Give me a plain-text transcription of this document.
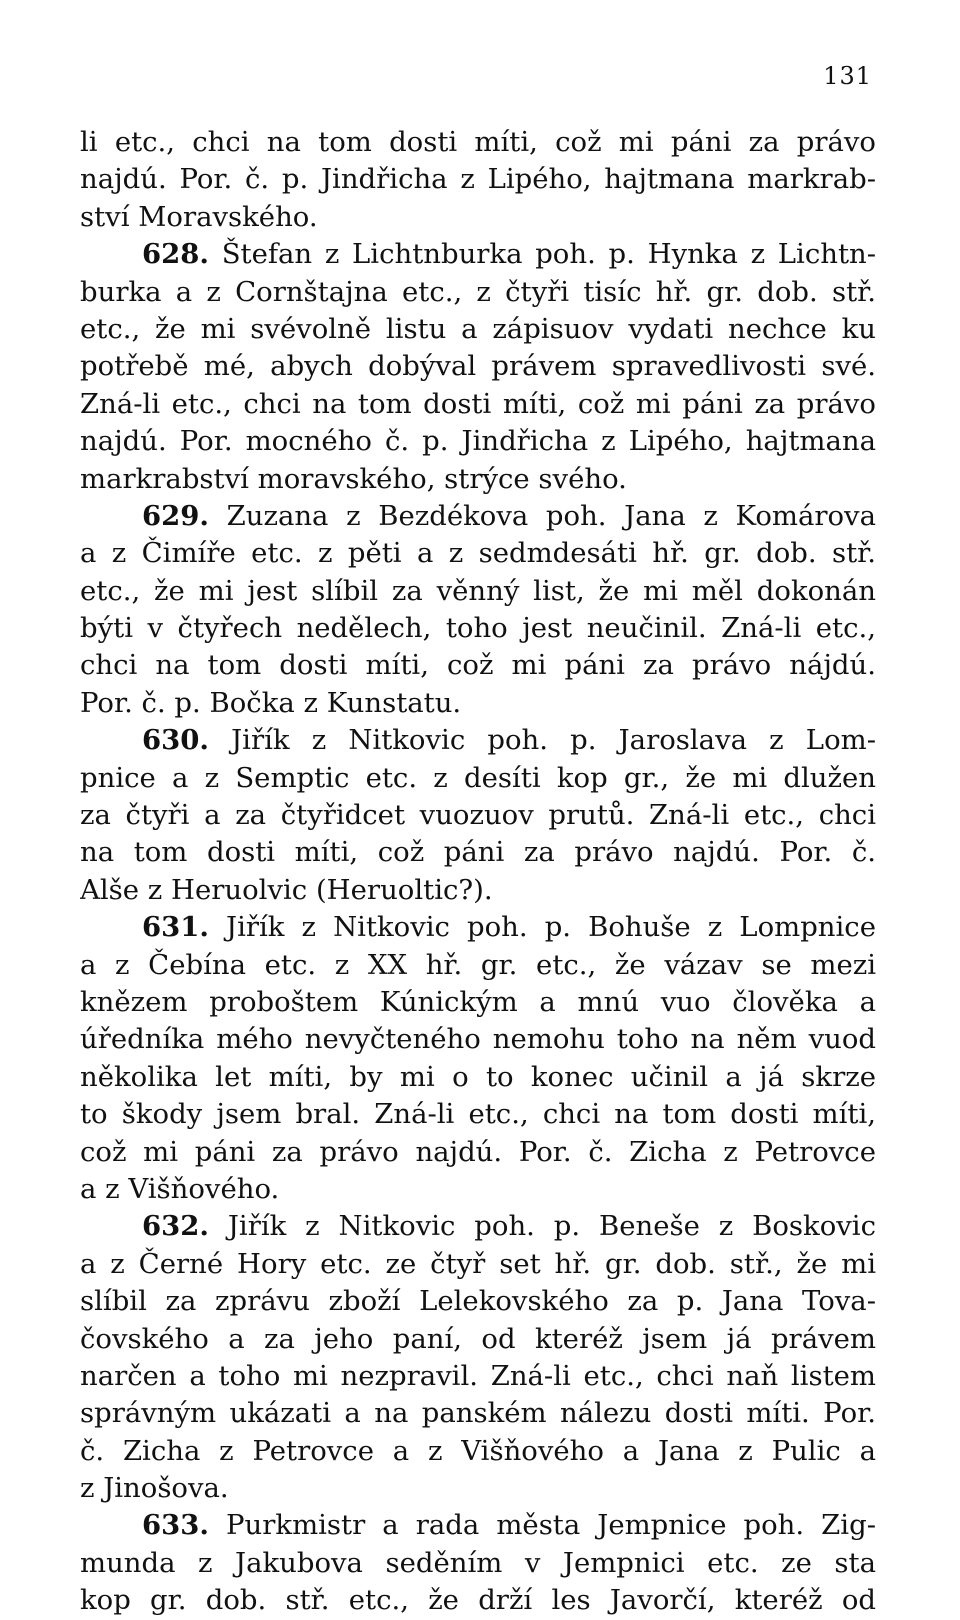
131
li etc., chci na tom dosti míti, což mi páni za právo
najdú. Por. č. p. Jindřicha z Lipého, hajtmana markrab-
ství Moravského.
628. Štefan z Lichtnburka poh. p. Hynka z Lichtn-
burka a z Cornštajna etc., z čtyři tisíc hř. gr. dob. stř.
etc., že mi svévolně listu a zápisuov vydati nechce ku
potřebě mé, abych dobýval právem spravedlivosti své.
Zná-li etc., chci na tom dosti míti, což mi páni za právo
najdú. Por. mocného č. p. Jindřicha z Lipého, hajtmana
markrabství moravského, strýce svého.
629. Zuzana z Bezdékova poh. Jana z Komárova
a z Čimíře etc. z pěti a z sedmdesáti hř. gr. dob. stř.
etc., že mi jest slíbil za věnný list, že mi měl dokonán
býti v čtyřech nedělech, toho jest neučinil. Zná-li etc.,
chci na tom dosti míti, což mi páni za právo nájdú.
Por. č. p. Bočka z Kunstatu.
630. Jiřík z Nitkovic poh. p. Jaroslava z Lom-
pnice a z Semptic etc. z desíti kop gr., že mi dlužen
za čtyři a za čtyřidcet vuozuov prutů. Zná-li etc., chci
na tom dosti míti, což páni za právo najdú. Por. č.
Alše z Heruolvic (Heruoltic?).
631. Jiřík z Nitkovic poh. p. Bohuše z Lompnice
a z Čebína etc. z XX hř. gr. etc., že vázav se mezi
knězem proboštem Kúnickým a mnú vuo člověka a
úředníka mého nevyčteného nemohu toho na něm vuod
několika let míti, by mi o to konec učinil a já skrze
to škody jsem bral. Zná-li etc., chci na tom dosti míti,
což mi páni za právo najdú. Por. č. Zicha z Petrovce
a z Višňového.
632. Jiřík z Nitkovic poh. p. Beneše z Boskovic
a z Černé Hory etc. ze čtyř set hř. gr. dob. stř., že mi
slíbil za zprávu zboží Lelekovského za p. Jana Tova-
čovského a za jeho paní, od kteréž jsem já právem
narčen a toho mi nezpravil. Zná-li etc., chci naň listem
správným ukázati a na panském nálezu dosti míti. Por.
č. Zicha z Petrovce a z Višňového a Jana z Pulic a
z Jinošova.
633. Purkmistr a rada města Jempnice poh. Zig-
munda z Jakubova seděním v Jempnici etc. ze sta
kop gr. dob. stř. etc., že drží les Javorčí, kteréž od
